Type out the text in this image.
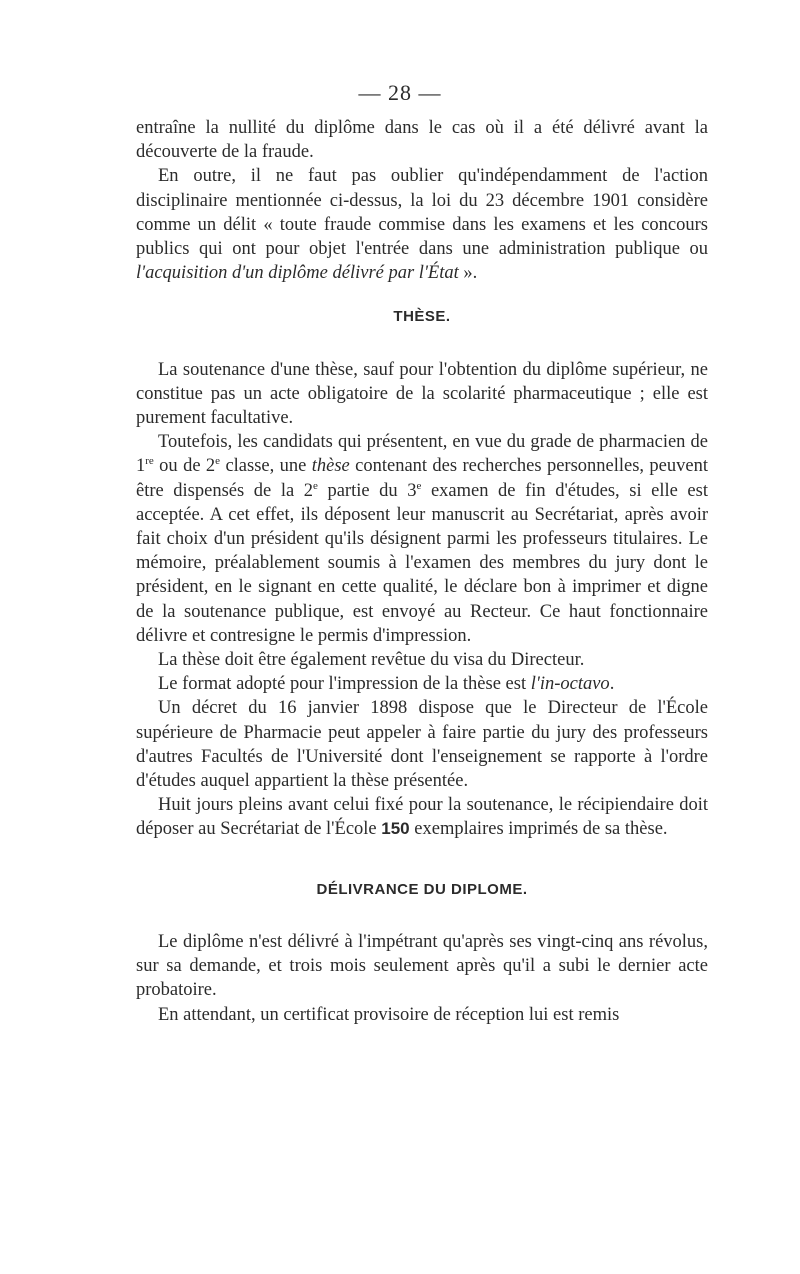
— 28 —

entraîne la nullité du diplôme dans le cas où il a été délivré avant la découverte de la fraude.

En outre, il ne faut pas oublier qu'indépendamment de l'action disciplinaire mentionnée ci-dessus, la loi du 23 décembre 1901 considère comme un délit « toute fraude commise dans les examens et les concours publics qui ont pour objet l'entrée dans une administration publique ou l'acquisition d'un diplôme délivré par l'État ».

THÈSE.

La soutenance d'une thèse, sauf pour l'obtention du diplôme supérieur, ne constitue pas un acte obligatoire de la scolarité pharmaceutique ; elle est purement facultative.

Toutefois, les candidats qui présentent, en vue du grade de pharmacien de 1re ou de 2e classe, une thèse contenant des recherches personnelles, peuvent être dispensés de la 2e partie du 3e examen de fin d'études, si elle est acceptée. A cet effet, ils déposent leur manuscrit au Secrétariat, après avoir fait choix d'un président qu'ils désignent parmi les professeurs titulaires. Le mémoire, préalablement soumis à l'examen des membres du jury dont le président, en le signant en cette qualité, le déclare bon à imprimer et digne de la soutenance publique, est envoyé au Recteur. Ce haut fonctionnaire délivre et contresigne le permis d'impression.

La thèse doit être également revêtue du visa du Directeur.

Le format adopté pour l'impression de la thèse est l'in-octavo.

Un décret du 16 janvier 1898 dispose que le Directeur de l'École supérieure de Pharmacie peut appeler à faire partie du jury des professeurs d'autres Facultés de l'Université dont l'enseignement se rapporte à l'ordre d'études auquel appartient la thèse présentée.

Huit jours pleins avant celui fixé pour la soutenance, le récipiendaire doit déposer au Secrétariat de l'École 150 exemplaires imprimés de sa thèse.

DÉLIVRANCE DU DIPLOME.

Le diplôme n'est délivré à l'impétrant qu'après ses vingt-cinq ans révolus, sur sa demande, et trois mois seulement après qu'il a subi le dernier acte probatoire.

En attendant, un certificat provisoire de réception lui est remis
